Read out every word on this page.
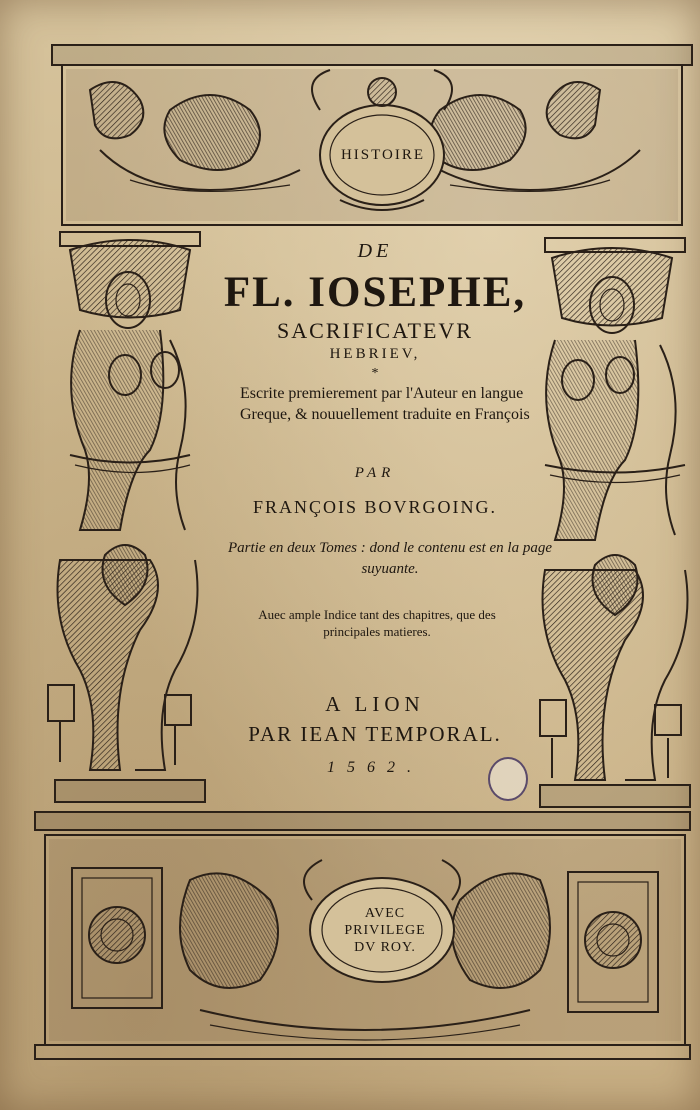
HISTOIRE
AVEC
PRIVILEGE
DV ROY.
DE
FL. IOSEPHE,
SACRIFICATEVR
HEBRIEV,
*
Escrite premierement par l'Auteur en langue Greque, & nouuellement traduite en François
PAR
FRANÇOIS BOVRGOING.
Partie en deux Tomes : dond le contenu est en la page suyuante.
Auec ample Indice tant des chapitres, que des principales matieres.
A LION
PAR IEAN TEMPORAL.
1562.
